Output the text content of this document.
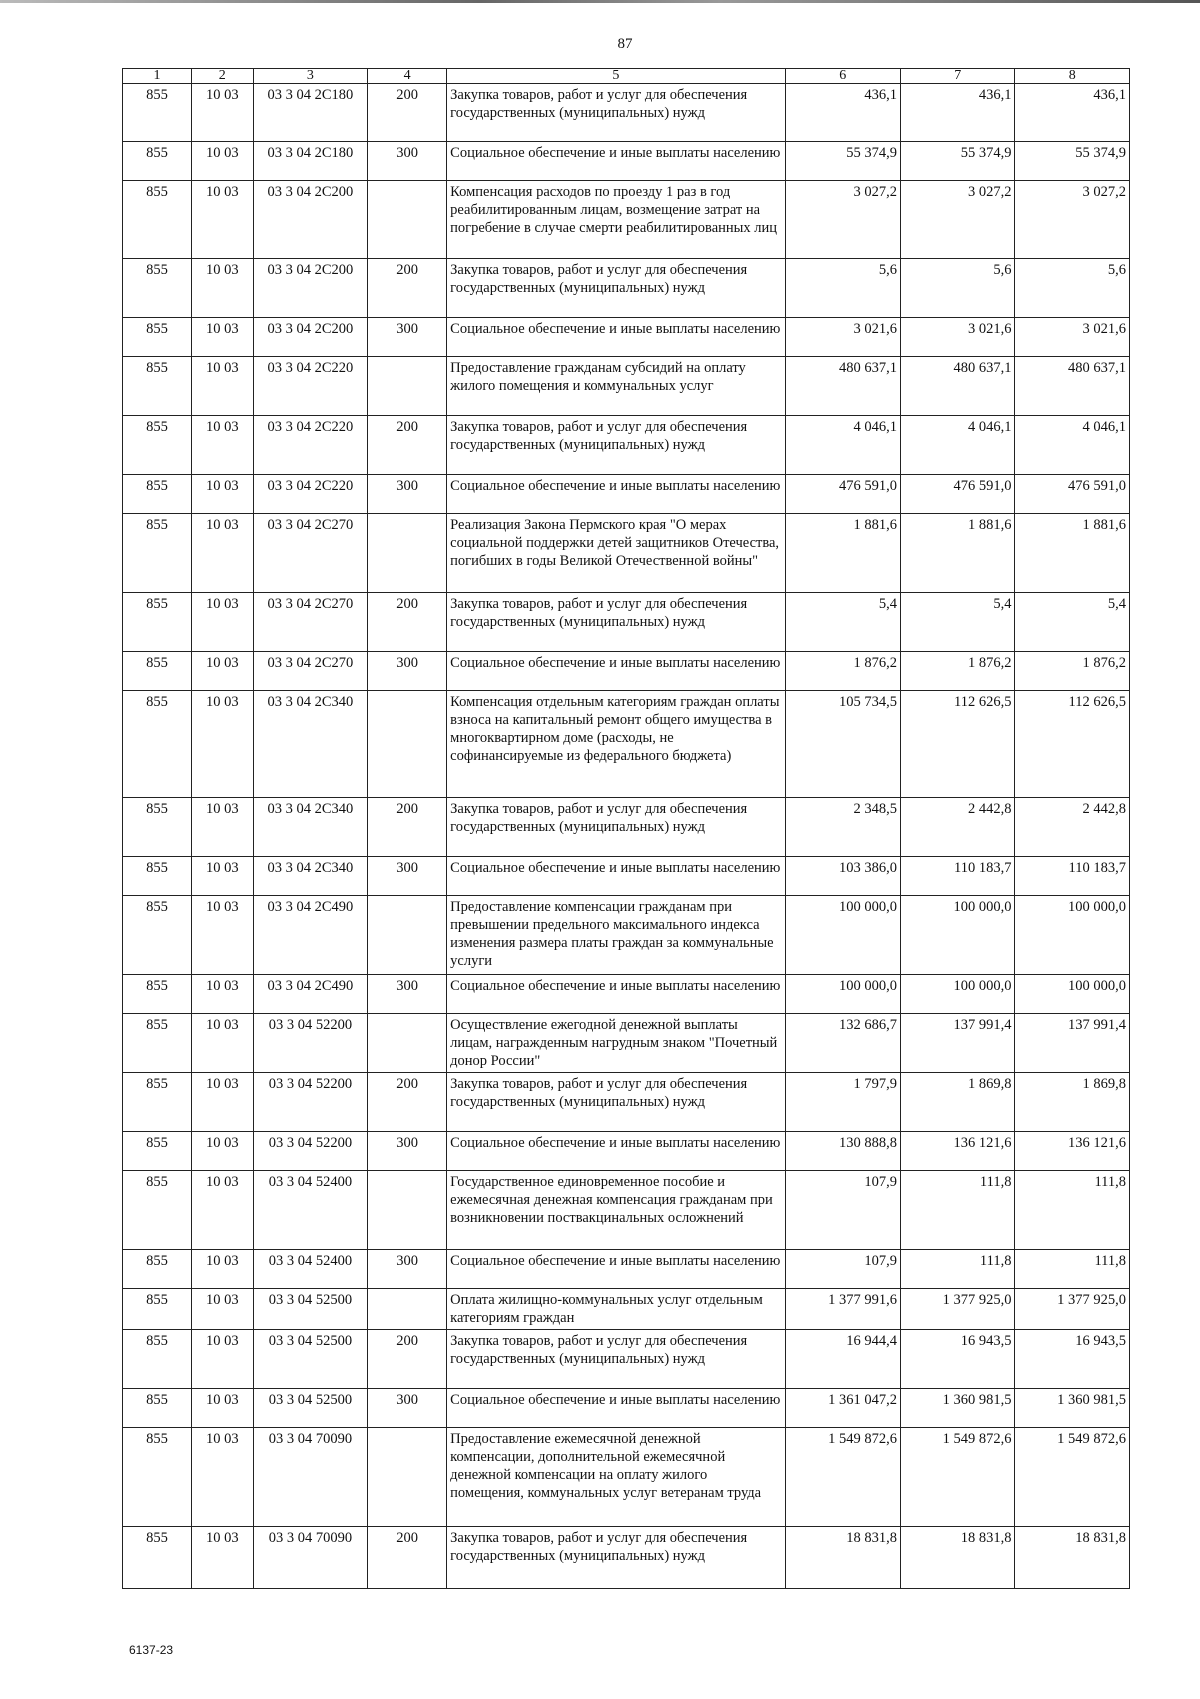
87
1	2	3	4	5	6	7	8
855	10 03	03 3 04 2С180	200	Закупка товаров, работ и услуг для обеспечения государственных (муниципальных) нужд	436,1	436,1	436,1
855	10 03	03 3 04 2С180	300	Социальное обеспечение и иные выплаты населению	55 374,9	55 374,9	55 374,9
855	10 03	03 3 04 2С200		Компенсация расходов по проезду 1 раз в год реабилитированным лицам, возмещение затрат на погребение в случае смерти реабилитированных лиц	3 027,2	3 027,2	3 027,2
855	10 03	03 3 04 2С200	200	Закупка товаров, работ и услуг для обеспечения государственных (муниципальных) нужд	5,6	5,6	5,6
855	10 03	03 3 04 2С200	300	Социальное обеспечение и иные выплаты населению	3 021,6	3 021,6	3 021,6
855	10 03	03 3 04 2С220		Предоставление гражданам субсидий на оплату жилого помещения и коммунальных услуг	480 637,1	480 637,1	480 637,1
855	10 03	03 3 04 2С220	200	Закупка товаров, работ и услуг для обеспечения государственных (муниципальных) нужд	4 046,1	4 046,1	4 046,1
855	10 03	03 3 04 2С220	300	Социальное обеспечение и иные выплаты населению	476 591,0	476 591,0	476 591,0
855	10 03	03 3 04 2С270		Реализация Закона Пермского края "О мерах социальной поддержки детей защитников Отечества, погибших в годы Великой Отечественной войны"	1 881,6	1 881,6	1 881,6
855	10 03	03 3 04 2С270	200	Закупка товаров, работ и услуг для обеспечения государственных (муниципальных) нужд	5,4	5,4	5,4
855	10 03	03 3 04 2С270	300	Социальное обеспечение и иные выплаты населению	1 876,2	1 876,2	1 876,2
855	10 03	03 3 04 2С340		Компенсация отдельным категориям граждан оплаты взноса на капитальный ремонт общего имущества в многоквартирном доме (расходы, не софинансируемые из федерального бюджета)	105 734,5	112 626,5	112 626,5
855	10 03	03 3 04 2С340	200	Закупка товаров, работ и услуг для обеспечения государственных (муниципальных) нужд	2 348,5	2 442,8	2 442,8
855	10 03	03 3 04 2С340	300	Социальное обеспечение и иные выплаты населению	103 386,0	110 183,7	110 183,7
855	10 03	03 3 04 2С490		Предоставление компенсации гражданам при превышении предельного максимального индекса изменения размера платы граждан за коммунальные услуги	100 000,0	100 000,0	100 000,0
855	10 03	03 3 04 2С490	300	Социальное обеспечение и иные выплаты населению	100 000,0	100 000,0	100 000,0
855	10 03	03 3 04 52200		Осуществление ежегодной денежной выплаты лицам, награжденным нагрудным знаком "Почетный донор России"	132 686,7	137 991,4	137 991,4
855	10 03	03 3 04 52200	200	Закупка товаров, работ и услуг для обеспечения государственных (муниципальных) нужд	1 797,9	1 869,8	1 869,8
855	10 03	03 3 04 52200	300	Социальное обеспечение и иные выплаты населению	130 888,8	136 121,6	136 121,6
855	10 03	03 3 04 52400		Государственное единовременное пособие и ежемесячная денежная компенсация гражданам при возникновении поствакцинальных осложнений	107,9	111,8	111,8
855	10 03	03 3 04 52400	300	Социальное обеспечение и иные выплаты населению	107,9	111,8	111,8
855	10 03	03 3 04 52500		Оплата жилищно-коммунальных услуг отдельным категориям граждан	1 377 991,6	1 377 925,0	1 377 925,0
855	10 03	03 3 04 52500	200	Закупка товаров, работ и услуг для обеспечения государственных (муниципальных) нужд	16 944,4	16 943,5	16 943,5
855	10 03	03 3 04 52500	300	Социальное обеспечение и иные выплаты населению	1 361 047,2	1 360 981,5	1 360 981,5
855	10 03	03 3 04 70090		Предоставление ежемесячной денежной компенсации, дополнительной ежемесячной денежной компенсации на оплату жилого помещения, коммунальных услуг ветеранам труда	1 549 872,6	1 549 872,6	1 549 872,6
855	10 03	03 3 04 70090	200	Закупка товаров, работ и услуг для обеспечения государственных (муниципальных) нужд	18 831,8	18 831,8	18 831,8
6137-23
